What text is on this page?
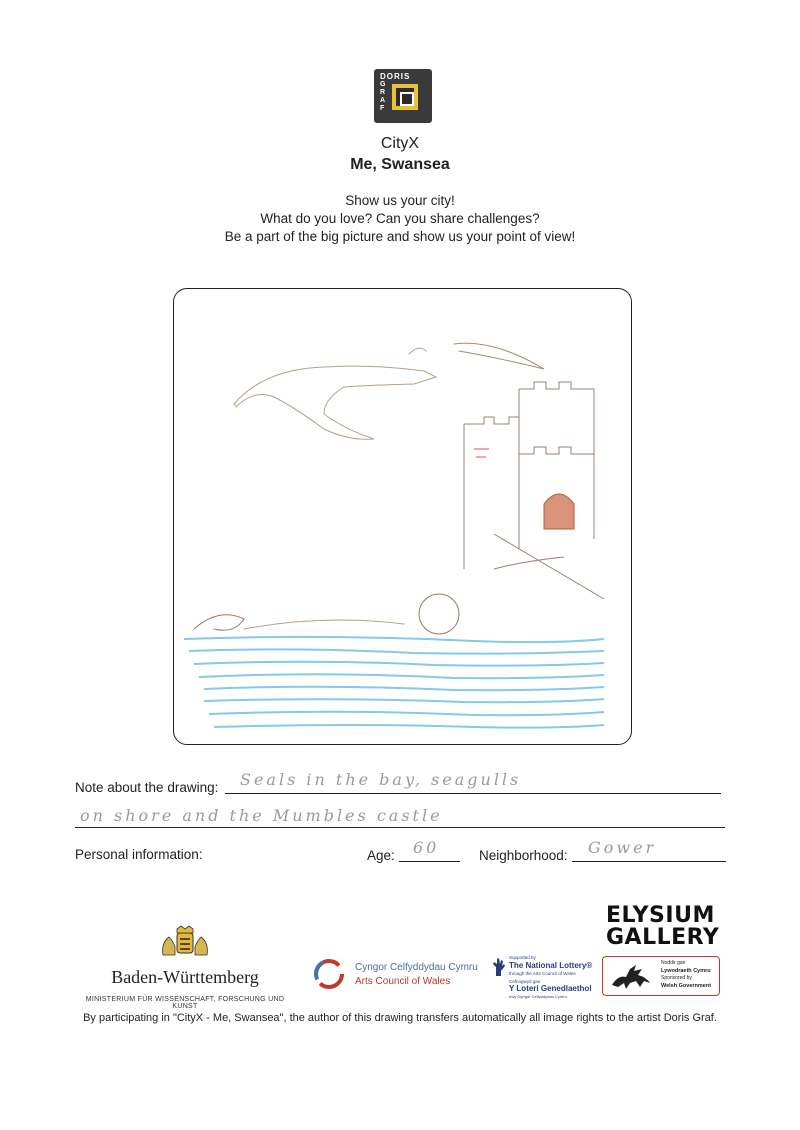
DORIS
GRAF
CityX
Me, Swansea
Show us your city!
What do you love? Can you share challenges?
Be a part of the big picture and show us your point of view!
Note about the drawing: Seals in the bay, seagulls
on shore and the Mumbles castle
Personal information:	Age: 60	Neighborhood: Gower
Baden-Württemberg
MINISTERIUM FÜR WISSENSCHAFT, FORSCHUNG UND KUNST
Cyngor Celfyddydau Cymru
Arts Council of Wales
Supported by
The National Lottery®
through the Arts Council of Wales
Cefnogwyd gan
Y Loteri Genedlaethol
trwy Gyngor Celfyddydau Cymru
ELYSIUM
GALLERY
Noddir gan
Lywodraeth Cymru
Sponsored by
Welsh Government
By participating in "CityX - Me, Swansea", the author of this drawing transfers automatically all image rights to the artist Doris Graf.
